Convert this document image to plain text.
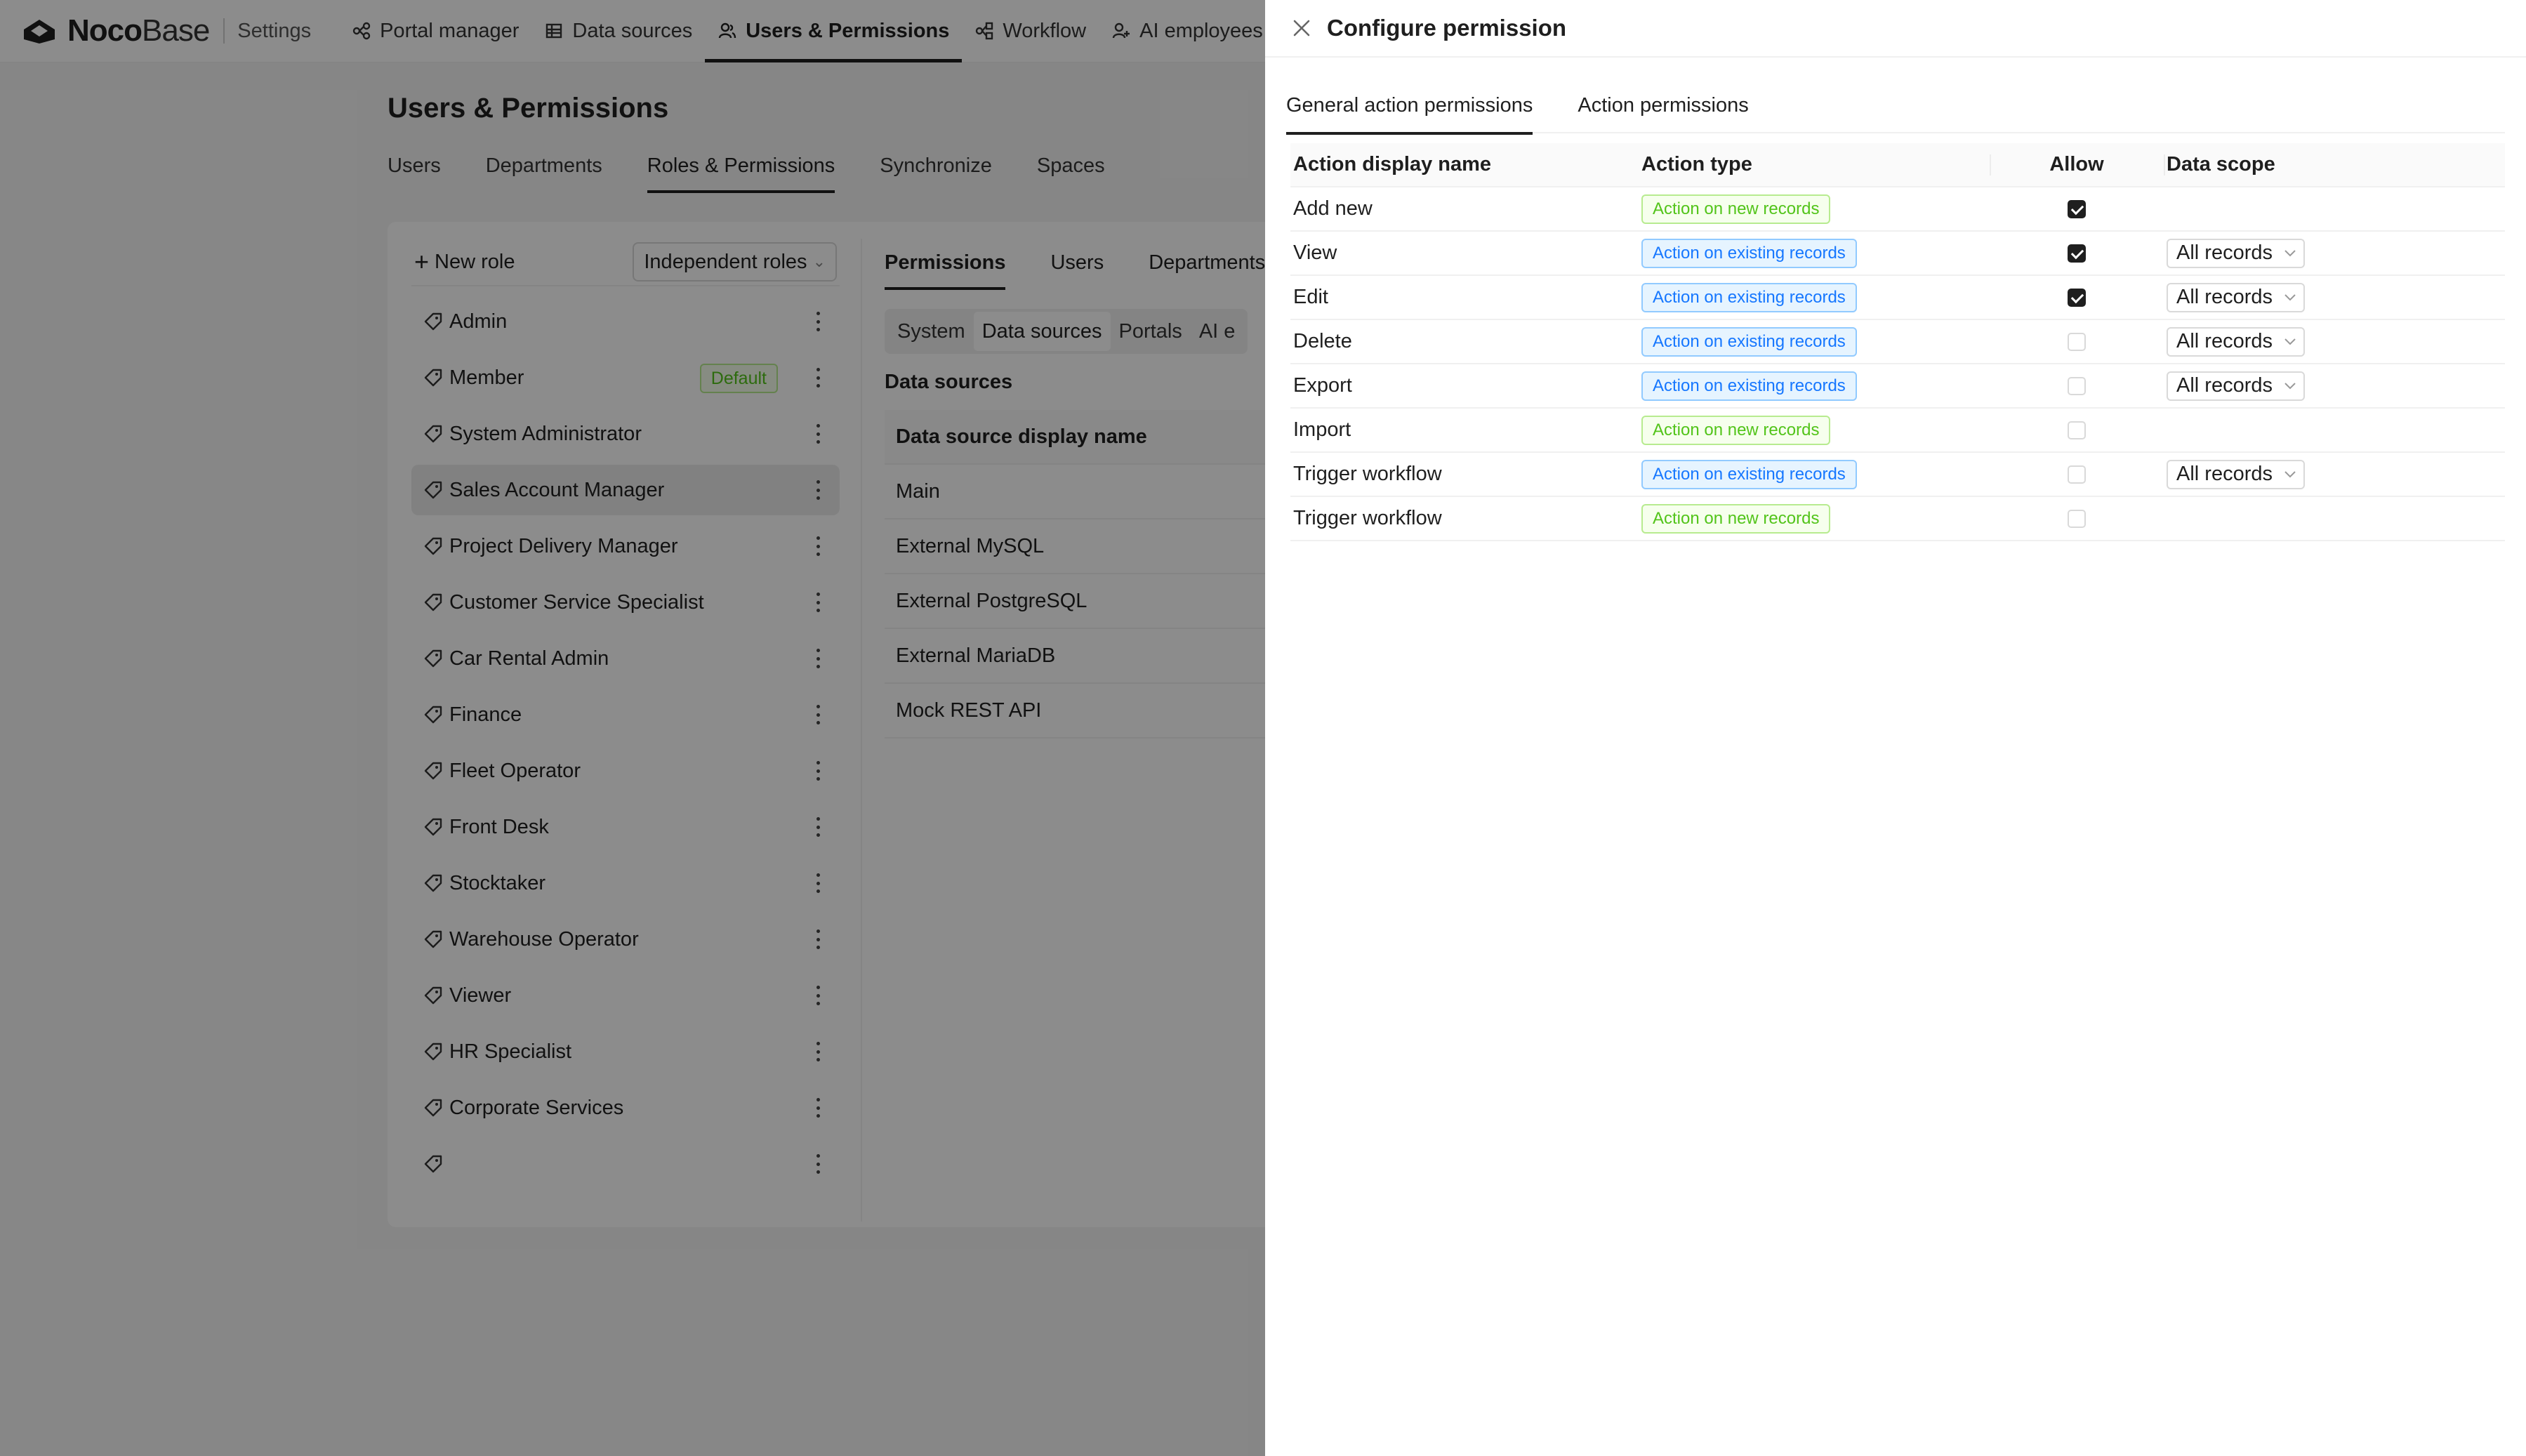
NocoBase Settings	Portal manager	Data sources	Users & Permissions	Workflow	AI employees
Users & Permissions
Users Departments Roles & Permissions Synchronize Spaces
+ New role	Independent roles ⌄
Admin
Member	Default
System Administrator
Sales Account Manager
Project Delivery Manager
Customer Service Specialist
Car Rental Admin
Finance
Fleet Operator
Front Desk
Stocktaker
Warehouse Operator
Viewer
HR Specialist
Corporate Services
Permissions Users Departments
System Data sources Portals AI e
Data sources
Data source display name
Main
External MySQL
External PostgreSQL
External MariaDB
Mock REST API
Configure permission
General action permissions Action permissions
Action display name	Action type	Allow	Data scope
Add new	Action on new records		
View	Action on existing records		All records

Edit	Action on existing records		All records

Delete	Action on existing records		All records

Export	Action on existing records		All records

Import	Action on new records		
Trigger workflow	Action on existing records		All records

Trigger workflow	Action on new records		
